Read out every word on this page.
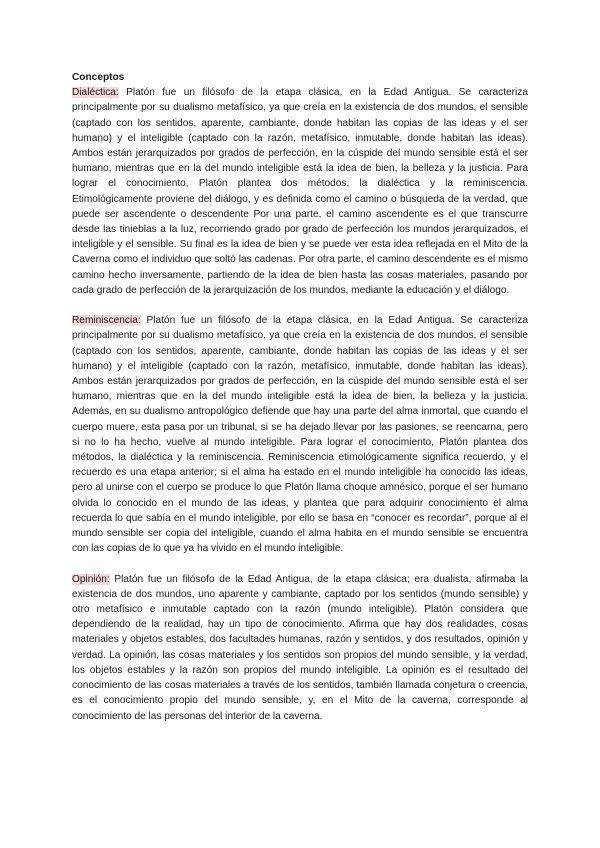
Conceptos

Dialéctica: Platón fue un filósofo de la etapa clásica, en la Edad Antigua. Se caracteriza principalmente por su dualismo metafísico, ya que creía en la existencia de dos mundos, el sensible (captado con los sentidos, aparente, cambiante, donde habitan las copias de las ideas y el ser humano) y el inteligible (captado con la razón, metafísico, inmutable, donde habitan las ideas). Ambos están jerarquizados por grados de perfección, en la cúspide del mundo sensible está el ser humano, mientras que en la del mundo inteligible está la idea de bien, la belleza y la justicia. Para lograr el conocimiento, Platón plantea dos métodos, la dialéctica y la reminiscencia. Etimológicamente proviene del diálogo, y es definida como el camino o búsqueda de la verdad, que puede ser ascendente o descendente Por una parte, el camino ascendente es el que transcurre desde las tinieblas a la luz, recorriendo grado por grado de perfección los mundos jerarquizados, el inteligible y el sensible. Su final es la idea de bien y se puede ver esta idea reflejada en el Mito de la Caverna como el individuo que soltó las cadenas. Por otra parte, el camino descendente es el mismo camino hecho inversamente, partiendo de la idea de bien hasta las cosas materiales, pasando por cada grado de perfección de la jerarquización de los mundos, mediante la educación y el diálogo.

Reminiscencia: Platón fue un filósofo de la etapa clásica, en la Edad Antigua. Se caracteriza principalmente por su dualismo metafísico, ya que creía en la existencia de dos mundos, el sensible (captado con los sentidos, aparente, cambiante, donde habitan las copias de las ideas y el ser humano) y el inteligible (captado con la razón, metafísico, inmutable, donde habitan las ideas). Ambos están jerarquizados por grados de perfección, en la cúspide del mundo sensible está el ser humano, mientras que en la del mundo inteligible está la idea de bien, la belleza y la justicia. Además, en su dualismo antropológico defiende que hay una parte del alma inmortal, que cuando el cuerpo muere, esta pasa por un tribunal, si se ha dejado llevar por las pasiones, se reencarna, pero si no lo ha hecho, vuelve al mundo inteligible. Para lograr el conocimiento, Platón plantea dos métodos, la dialéctica y la reminiscencia. Reminiscencia etimológicamente significa recuerdo, y el recuerdo es una etapa anterior; si el alma ha estado en el mundo inteligible ha conocido las ideas, pero al unirse con el cuerpo se produce lo que Platón llama choque amnésico, porque el ser humano olvida lo conocido en el mundo de las ideas, y plantea que para adquirir conocimiento el alma recuerda lo que sabía en el mundo inteligible, por ello se basa en “conocer es recordar”, porque al el mundo sensible ser copia del inteligible, cuando el alma habita en el mundo sensible se encuentra con las copias de lo que ya ha vivido en el mundo inteligible.

Opinión: Platón fue un filósofo de la Edad Antigua, de la etapa clásica; era dualista, afirmaba la existencia de dos mundos, uno aparente y cambiante, captado por los sentidos (mundo sensible) y otro metafísico e inmutable captado con la razón (mundo inteligible). Platón considera que dependiendo de la realidad, hay un tipo de conocimiento. Afirma que hay dos realidades, cosas materiales y objetos estables, dos facultades humanas, razón y sentidos, y dos resultados, opinión y verdad. La opinión, las cosas materiales y los sentidos son propios del mundo sensible, y la verdad, los objetos estables y la razón son propios del mundo inteligible. La opinión es el resultado del conocimiento de las cosas materiales a través de los sentidos, también llamada conjetura o creencia, es el conocimiento propio del mundo sensible, y, en el Mito de la caverna, corresponde al conocimiento de las personas del interior de la caverna.
